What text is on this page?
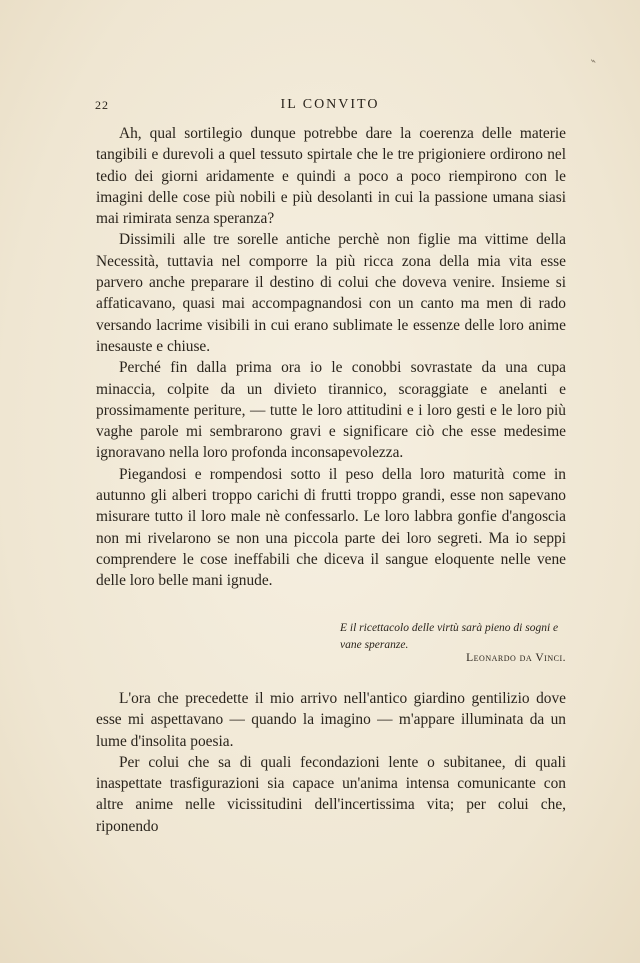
⌁
22	IL CONVITO

Ah, qual sortilegio dunque potrebbe dare la coerenza delle materie tangibili e durevoli a quel tessuto spirtale che le tre prigioniere ordirono nel tedio dei giorni aridamente e quindi a poco a poco riempirono con le imagini delle cose più nobili e più desolanti in cui la passione umana siasi mai rimirata senza speranza?

Dissimili alle tre sorelle antiche perchè non figlie ma vittime della Necessità, tuttavia nel comporre la più ricca zona della mia vita esse parvero anche preparare il destino di colui che doveva venire. Insieme si affaticavano, quasi mai accompagnandosi con un canto ma men di rado versando lacrime visibili in cui erano sublimate le essenze delle loro anime inesauste e chiuse.

Perché fin dalla prima ora io le conobbi sovrastate da una cupa minaccia, colpite da un divieto tirannico, scoraggiate e anelanti e prossimamente periture, — tutte le loro attitudini e i loro gesti e le loro più vaghe parole mi sembrarono gravi e significare ciò che esse medesime ignoravano nella loro profonda inconsapevolezza.

Piegandosi e rompendosi sotto il peso della loro maturità come in autunno gli alberi troppo carichi di frutti troppo grandi, esse non sapevano misurare tutto il loro male nè confessarlo. Le loro labbra gonfie d'angoscia non mi rivelarono se non una piccola parte dei loro segreti. Ma io seppi comprendere le cose ineffabili che diceva il sangue eloquente nelle vene delle loro belle mani ignude.

E il ricettacolo delle virtù sarà pieno di sogni e vane speranze.
Leonardo da Vinci.

L'ora che precedette il mio arrivo nell'antico giardino gentilizio dove esse mi aspettavano — quando la imagino — m'appare illuminata da un lume d'insolita poesia.

Per colui che sa di quali fecondazioni lente o subitanee, di quali inaspettate trasfigurazioni sia capace un'anima intensa comunicante con altre anime nelle vicissitudini dell'incertissima vita; per colui che, riponendo
